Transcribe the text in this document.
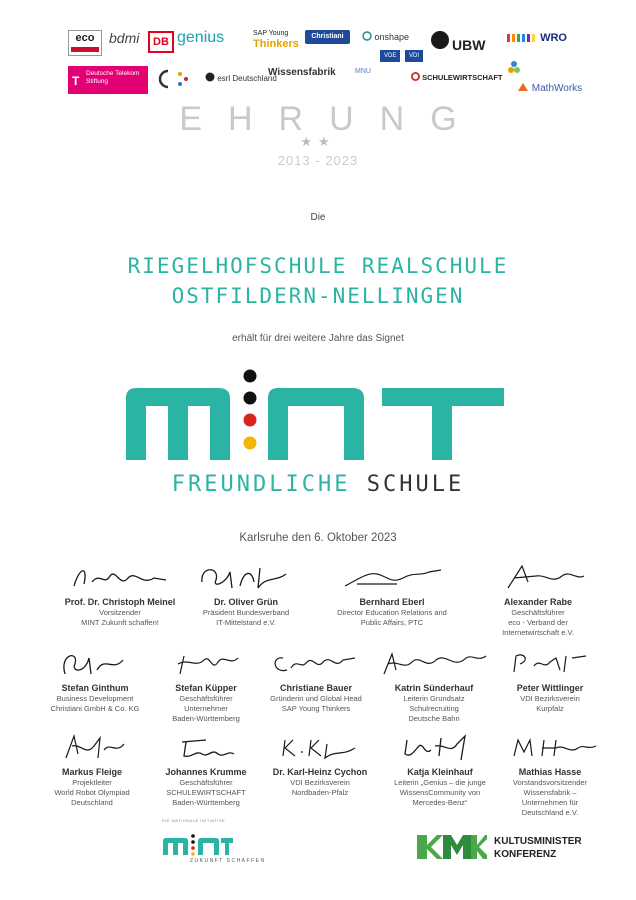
eco	bdmi	DB genius	SAP Young
Thinkers
Christiani	onshape
VDE	VDI
UBW	WRO
T
Deutsche Telekom
Stiftung	esrl Deutschland
Wissensfabrik	MNU
SCHULEWIRTSCHAFT
MathWorks
EHRUNG
★★
2013 - 2023
Die
RIEGELHOFSCHULE REALSCHULE
OSTFILDERN-NELLINGEN
erhält für drei weitere Jahre das Signet
FREUNDLICHE SCHULE
Karlsruhe den 6. Oktober 2023
Prof. Dr. Christoph Meinel
Vorsitzender
MINT Zukunft schaffen!
Dr. Oliver Grün
Präsident Bundesverband
IT-Mittelstand e.V.
Bernhard Eberl
Director Education Relations and
Public Affairs, PTC
Alexander Rabe
Geschäftsführer
eco - Verband der
Internetwirtschaft e.V.
Stefan Ginthum
Business Development
Christiani GmbH & Co. KG
Stefan Küpper
Geschäftsführer
Unternehmer
Baden-Württemberg
Christiane Bauer
Gründerin und Global Head
SAP Young Thinkers
Katrin Sünderhauf
Leiterin Grundsatz
Schulrecruiting
Deutsche Bahn
Peter Wittlinger
VDI Bezirksverein
Kurpfalz
Markus Fleige
Projektleiter
World Robot Olympiad
Deutschland
Johannes Krumme
Geschäftsführer
SCHULEWIRTSCHAFT
Baden-Württemberg
Dr. Karl-Heinz Cychon
VDI Bezirksverein
Nordbaden-Pfalz
Katja Kleinhauf
Leiterin „Genius – die junge
WissensCommunity von
Mercedes-Benz“
Mathias Hasse
Vorstandsvorsitzender
Wissensfabrik –
Unternehmen für
Deutschland e.V.
DIE NATIONALE INITIATIVE
ZUKUNFT SCHAFFEN
KULTUSMINISTER
KONFERENZ
